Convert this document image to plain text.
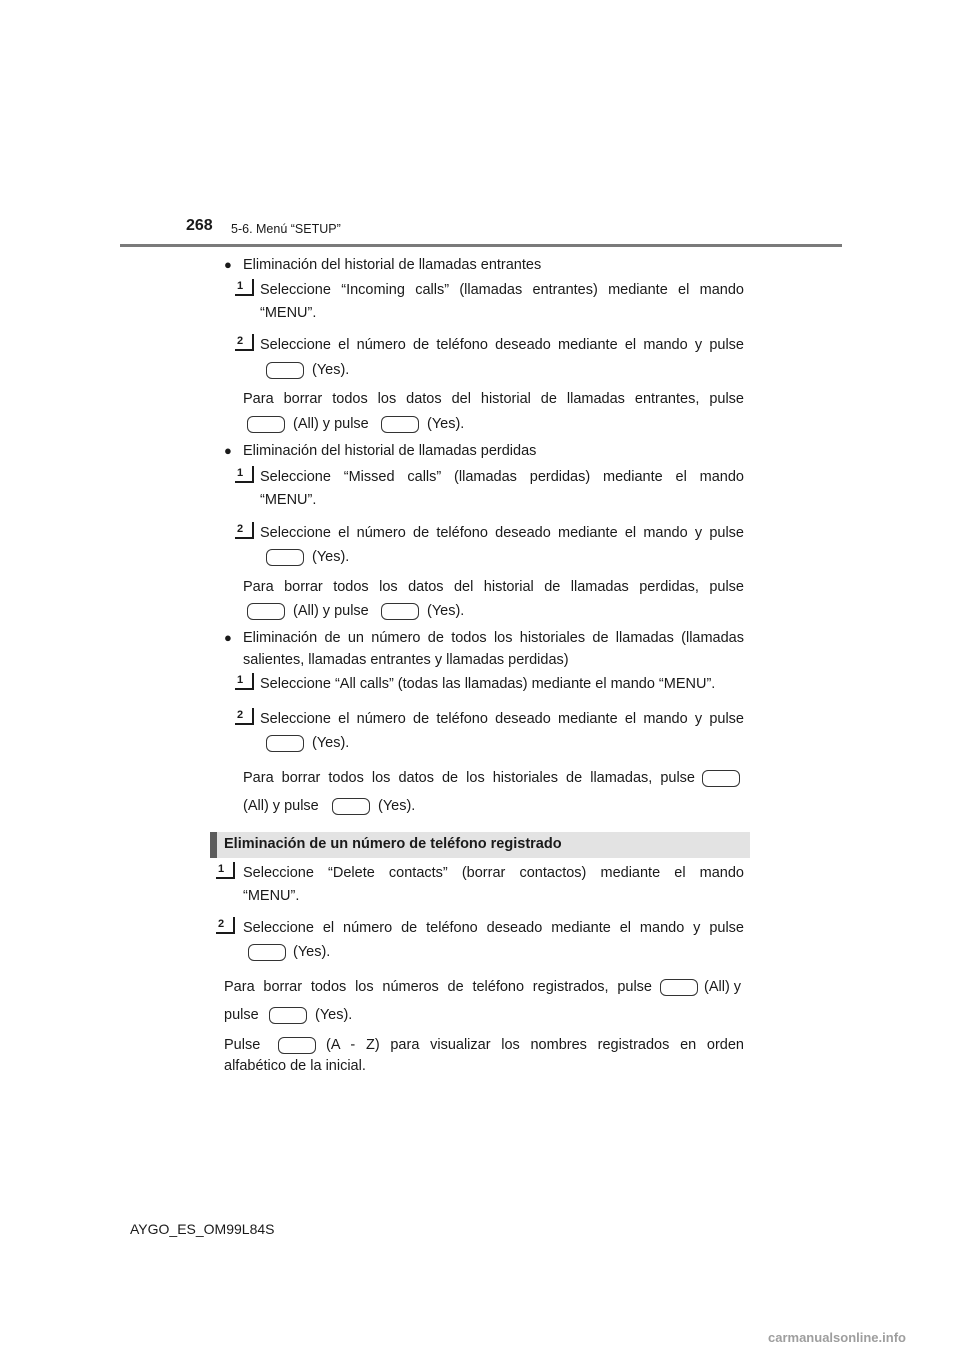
268 5-6. Menú “SETUP”
● Eliminación del historial de llamadas entrantes
1	Seleccione “Incoming calls” (llamadas entrantes) mediante el mando
“MENU”.
2	Seleccione el número de teléfono deseado mediante el mando y pulse
(Yes).
Para borrar todos los datos del historial de llamadas entrantes, pulse
(All) y pulse	(Yes).
● Eliminación del historial de llamadas perdidas
1	Seleccione “Missed calls” (llamadas perdidas) mediante el mando
“MENU”.
2	Seleccione el número de teléfono deseado mediante el mando y pulse
(Yes).
Para borrar todos los datos del historial de llamadas perdidas, pulse
(All) y pulse	(Yes).
● Eliminación de un número de todos los historiales de llamadas (llamadas
salientes, llamadas entrantes y llamadas perdidas)
1	Seleccione “All calls” (todas las llamadas) mediante el mando “MENU”.
2	Seleccione el número de teléfono deseado mediante el mando y pulse
(Yes).
Para borrar todos los datos de los historiales de llamadas, pulse
(All) y pulse	(Yes).
Eliminación de un número de teléfono registrado
1	Seleccione “Delete contacts” (borrar contactos) mediante el mando
“MENU”.
2	Seleccione el número de teléfono deseado mediante el mando y pulse
(Yes).
Para borrar todos los números de teléfono registrados, pulse	(All) y
pulse	(Yes).
Pulse	(A - Z) para visualizar los nombres registrados en orden
alfabético de la inicial.
AYGO_ES_OM99L84S
carmanualsonline.info
